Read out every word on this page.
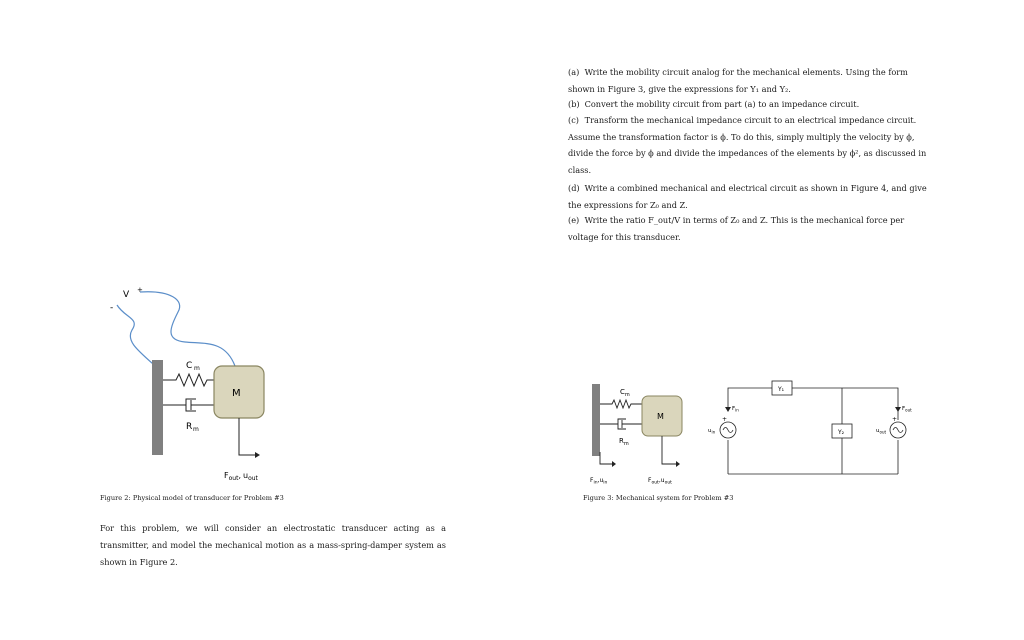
(a) Write the mobility circuit analog for the mechanical elements. Using the form shown in Figure 3, give the expressions for Y₁ and Y₂.
(b) Convert the mobility circuit from part (a) to an impedance circuit.
(c) Transform the mechanical impedance circuit to an electrical impedance circuit. Assume the transformation factor is ϕ. To do this, simply multiply the velocity by ϕ, divide the force by ϕ and divide the impedances of the elements by ϕ², as discussed in class.
(d) Write a combined mechanical and electrical circuit as shown in Figure 4, and give the expressions for Z₀ and Z.
(e) Write the ratio F_out/V in terms of Z₀ and Z. This is the mechanical force per voltage for this transducer.
V +
-
C m
R m
M
$F_{out}$, $u_{out}$
Figure 2: Physical model of transducer for Problem #3
$C_m$
$R_m$
M
$F_{in},u_{in}$	$F_{out},u_{out}$
Y₁
Y₂
+	+
$F_{in}$	$F_{out}$
$u_{in}$	$u_{out}$
Figure 3: Mechanical system for Problem #3
For this problem, we will consider an electrostatic transducer acting as a transmitter, and model the mechanical motion as a mass-spring-damper system as shown in Figure 2.
